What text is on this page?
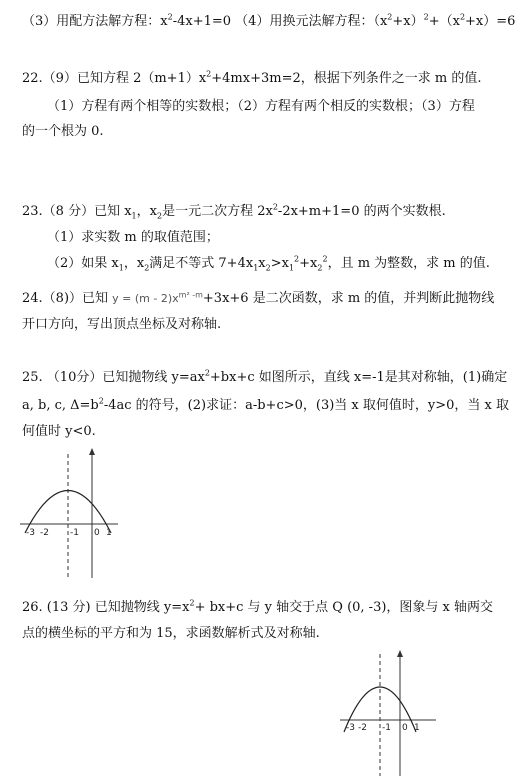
（3）用配方法解方程：$x^2-4x+1=0$ （4）用换元法解方程：$(x^2+x)^2+(x^2+x)=6$
22.（9）已知方程 $2(m+1)x^2+4mx+3m=2$，根据下列条件之一求 m 的值.
（1）方程有两个相等的实数根；（2）方程有两个相反的实数根；（3）方程
的一个根为 0.
23.（8 分）已知 $x_1$，$x_2$是一元二次方程 $2x^2-2x+m+1=0$ 的两个实数根.
（1）求实数 m 的取值范围；
（2）如果 $x_1$，$x_2$满足不等式 $7+4x_1x_2>x_1^2+x_2^2$，且 m 为整数，求 m 的值.
24.（8)）已知 $y = (m - 2)x^{m^2 -m}+3x+6$ 是二次函数，求 m 的值，并判断此抛物线
开口方向，写出顶点坐标及对称轴.
25. （10分）已知抛物线 $y=ax^2+bx+c$ 如图所示，直线 x=-1是其对称轴，(1)确定
a, b, c, $\Delta=b^2-4ac$ 的符号，(2)求证：a-b+c>0，(3)当 x 取何值时，y>0，当 x 取
何值时 y<0.
-3 -2 -1 0 1
26. (13 分) 已知抛物线 $y=x^2+ bx+c$ 与 y 轴交于点 Q (0, -3)，图象与 x 轴两交
点的横坐标的平方和为 15，求函数解析式及对称轴.
-3 -2 -1 0 1
